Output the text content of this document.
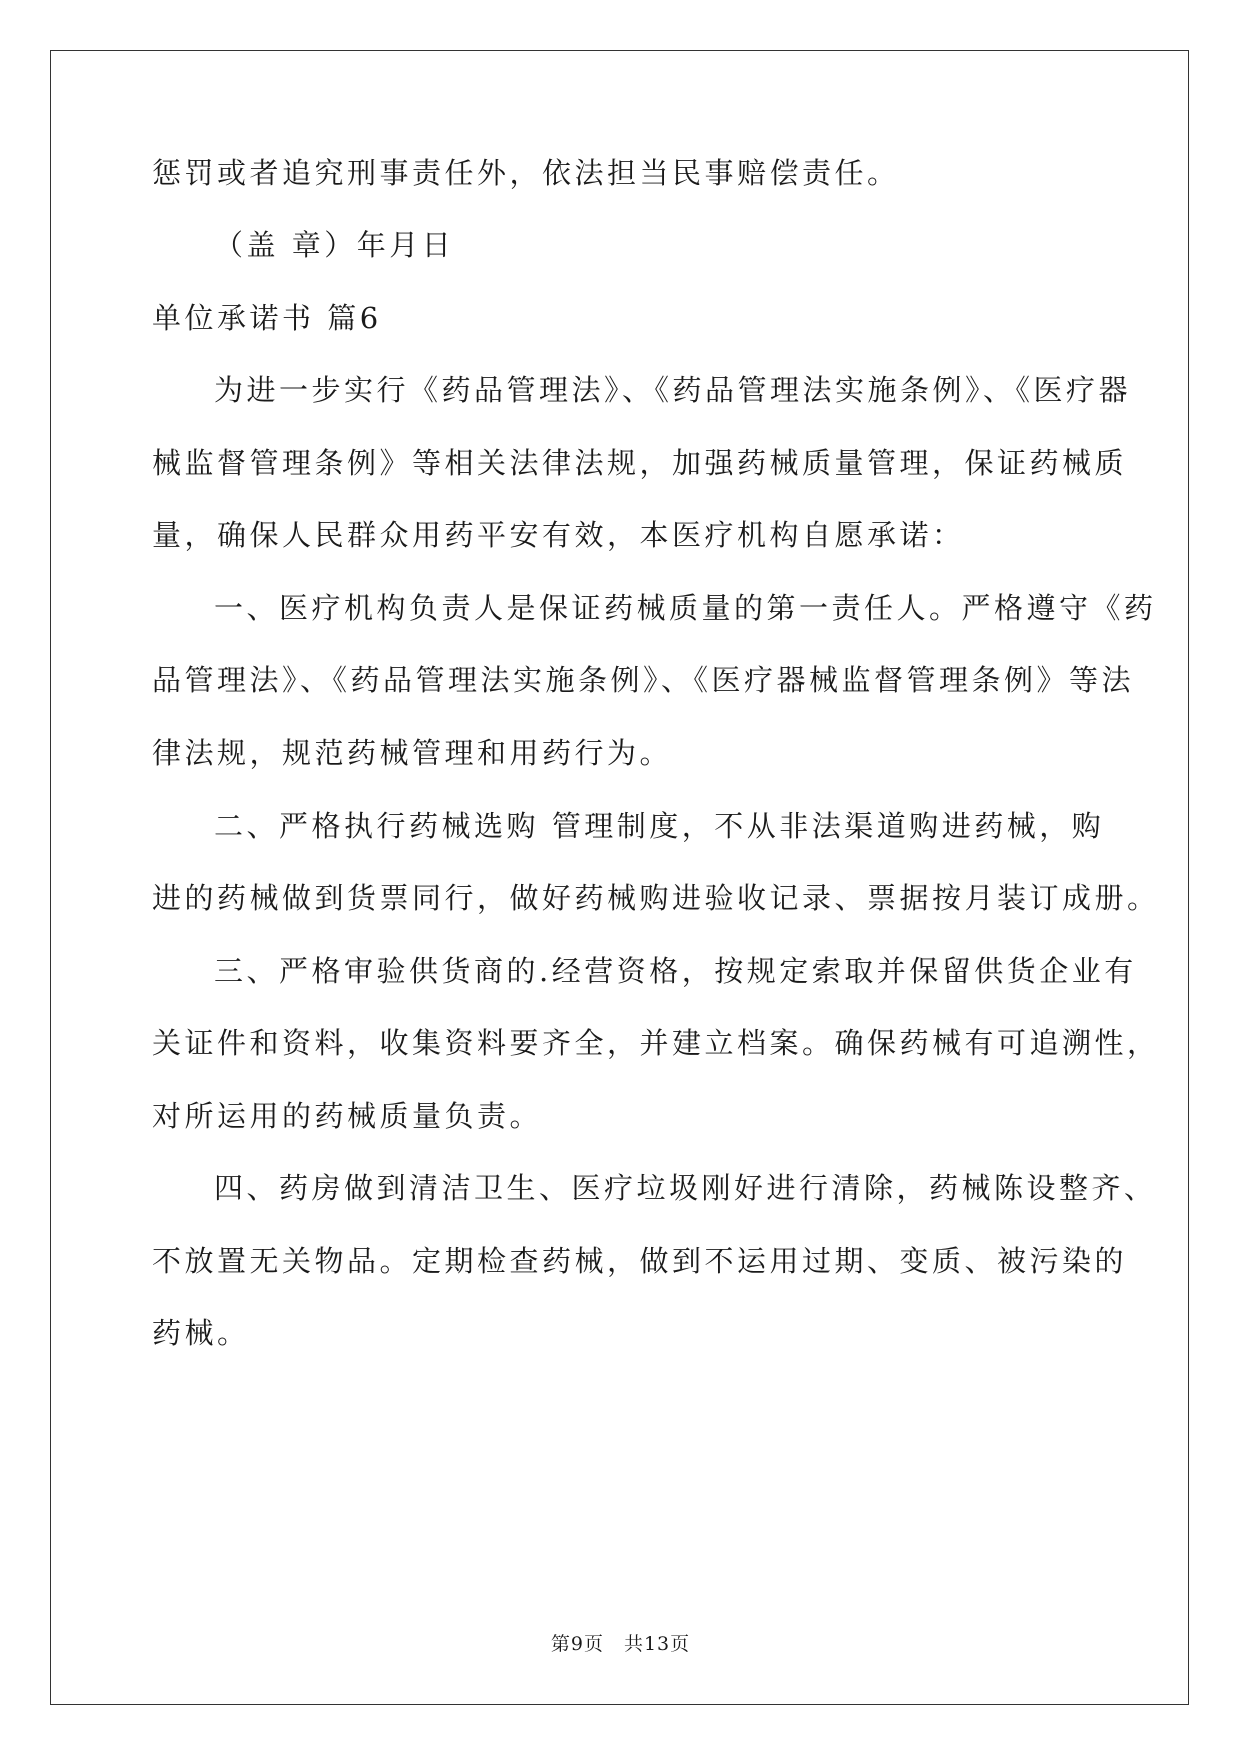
惩罚或者追究刑事责任外，依法担当民事赔偿责任。
（盖 章）年月日
单位承诺书 篇6
为进一步实行《药品管理法》、《药品管理法实施条例》、《医疗器
械监督管理条例》等相关法律法规，加强药械质量管理，保证药械质
量，确保人民群众用药平安有效，本医疗机构自愿承诺：
一、医疗机构负责人是保证药械质量的第一责任人。严格遵守《药
品管理法》、《药品管理法实施条例》、《医疗器械监督管理条例》等法
律法规，规范药械管理和用药行为。
二、严格执行药械选购 管理制度，不从非法渠道购进药械，购
进的药械做到货票同行，做好药械购进验收记录、票据按月装订成册。
三、严格审验供货商的.经营资格，按规定索取并保留供货企业有
关证件和资料，收集资料要齐全，并建立档案。确保药械有可追溯性，
对所运用的药械质量负责。
四、药房做到清洁卫生、医疗垃圾刚好进行清除，药械陈设整齐、
不放置无关物品。定期检查药械，做到不运用过期、变质、被污染的
药械。
第9页　共13页
